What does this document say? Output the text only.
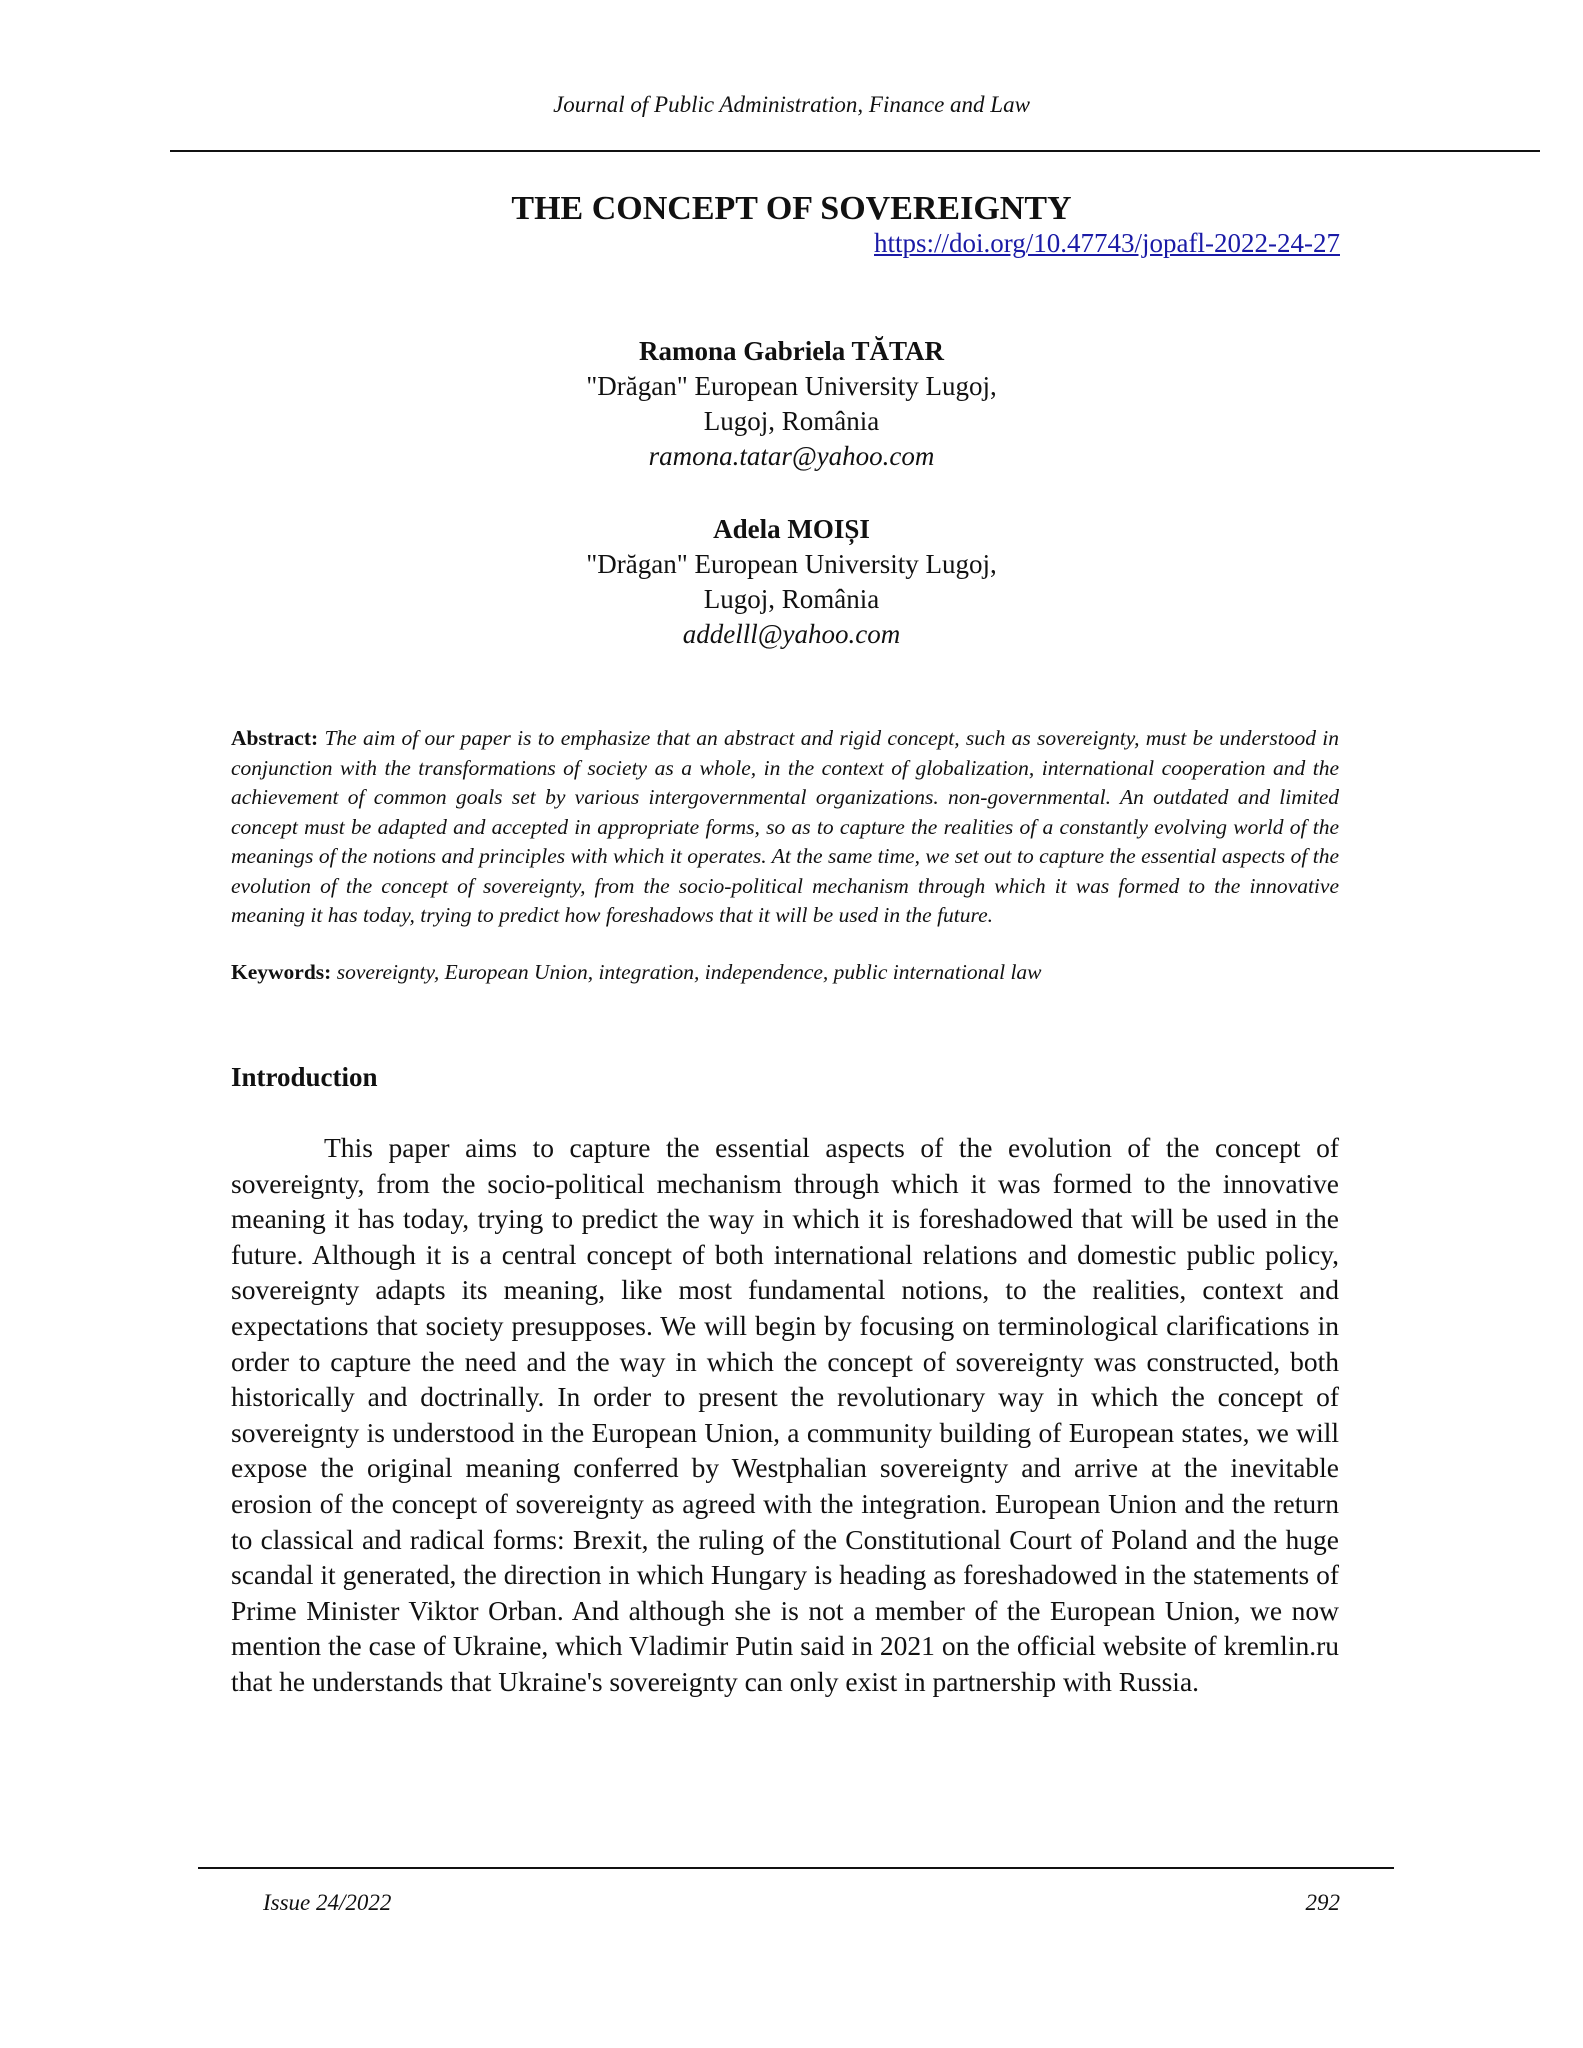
Journal of Public Administration, Finance and Law
THE CONCEPT OF SOVEREIGNTY
https://doi.org/10.47743/jopafl-2022-24-27
Ramona Gabriela TĂTAR
"Drăgan" European University Lugoj,
Lugoj, România
ramona.tatar@yahoo.com
Adela MOIȘI
"Drăgan" European University Lugoj,
Lugoj, România
addelll@yahoo.com
Abstract: The aim of our paper is to emphasize that an abstract and rigid concept, such as sovereignty, must be understood in conjunction with the transformations of society as a whole, in the context of globalization, international cooperation and the achievement of common goals set by various intergovernmental organizations. non-governmental. An outdated and limited concept must be adapted and accepted in appropriate forms, so as to capture the realities of a constantly evolving world of the meanings of the notions and principles with which it operates. At the same time, we set out to capture the essential aspects of the evolution of the concept of sovereignty, from the socio-political mechanism through which it was formed to the innovative meaning it has today, trying to predict how foreshadows that it will be used in the future.
Keywords: sovereignty, European Union, integration, independence, public international law
Introduction

This paper aims to capture the essential aspects of the evolution of the concept of sovereignty, from the socio-political mechanism through which it was formed to the innovative meaning it has today, trying to predict the way in which it is foreshadowed that will be used in the future. Although it is a central concept of both international relations and domestic public policy, sovereignty adapts its meaning, like most fundamental notions, to the realities, context and expectations that society presupposes. We will begin by focusing on terminological clarifications in order to capture the need and the way in which the concept of sovereignty was constructed, both historically and doctrinally. In order to present the revolutionary way in which the concept of sovereignty is understood in the European Union, a community building of European states, we will expose the original meaning conferred by Westphalian sovereignty and arrive at the inevitable erosion of the concept of sovereignty as agreed with the integration. European Union and the return to classical and radical forms: Brexit, the ruling of the Constitutional Court of Poland and the huge scandal it generated, the direction in which Hungary is heading as foreshadowed in the statements of Prime Minister Viktor Orban. And although she is not a member of the European Union, we now mention the case of Ukraine, which Vladimir Putin said in 2021 on the official website of kremlin.ru that he understands that Ukraine's sovereignty can only exist in partnership with Russia.

Issue 24/2022	292
